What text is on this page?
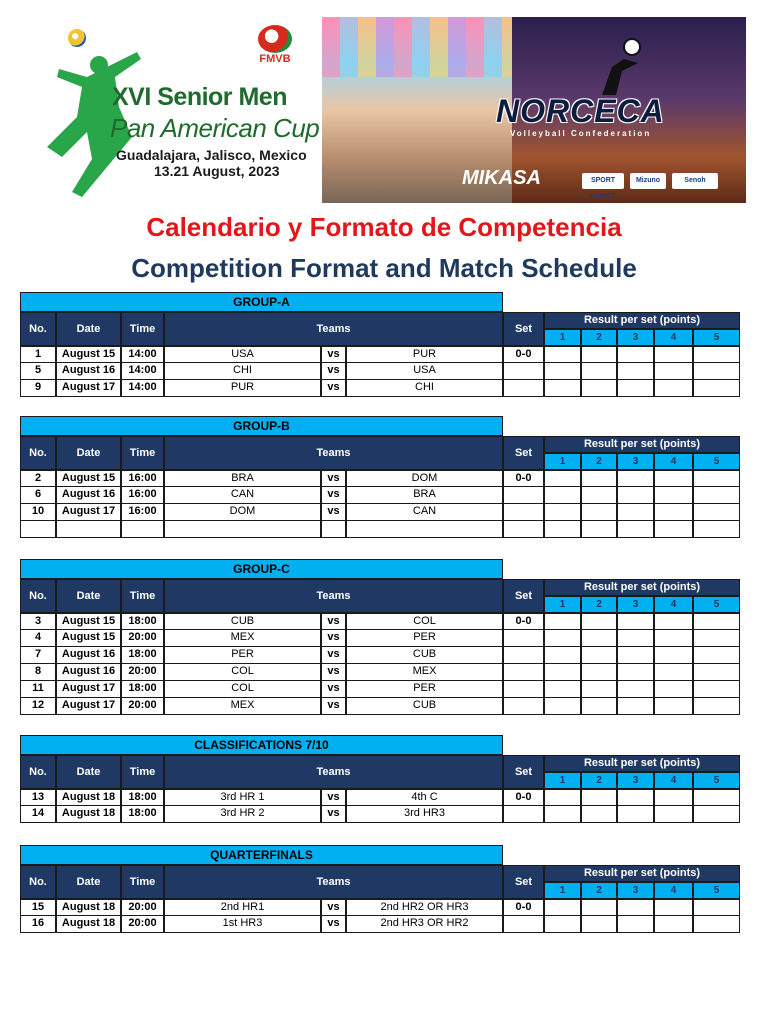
FMVB
XVI Senior Men
Pan American Cup
Guadalajara, Jalisco, Mexico
13.21 August, 2023
NORCECA
Volleyball Confederation
MIKASA	SPORT COURT
Mizuno	Senoh
Calendario y Formato de Competencia
Competition Format and Match Schedule
GROUP-A
No.	Date	Time	Teams	Set
Result per set (points)
1	2	3	4	5
1	August 15	14:00	USA	vs	PUR	0-0
5	August 16	14:00	CHI	vs	USA
9	August 17	14:00	PUR	vs	CHI
GROUP-B
No.	Date	Time	Teams	Set
Result per set (points)
1	2	3	4	5
2	August 15	16:00	BRA	vs	DOM	0-0
6	August 16	16:00	CAN	vs	BRA
10	August 17	16:00	DOM	vs	CAN
GROUP-C
No.	Date	Time	Teams	Set
Result per set (points)
1	2	3	4	5
3	August 15	18:00	CUB	vs	COL	0-0
4	August 15	20:00	MEX	vs	PER
7	August 16	18:00	PER	vs	CUB
8	August 16	20:00	COL	vs	MEX
11	August 17	18:00	COL	vs	PER
12	August 17	20:00	MEX	vs	CUB
CLASSIFICATIONS 7/10
No.	Date	Time	Teams	Set
Result per set (points)
1	2	3	4	5
13	August 18	18:00	3rd HR 1	vs	4th C	0-0
14	August 18	18:00	3rd HR 2	vs	3rd HR3
QUARTERFINALS
No.	Date	Time	Teams	Set
Result per set (points)
1	2	3	4	5
15	August 18	20:00	2nd HR1	vs	2nd HR2 OR HR3	0-0
16	August 18	20:00	1st HR3	vs	2nd HR3 OR HR2
